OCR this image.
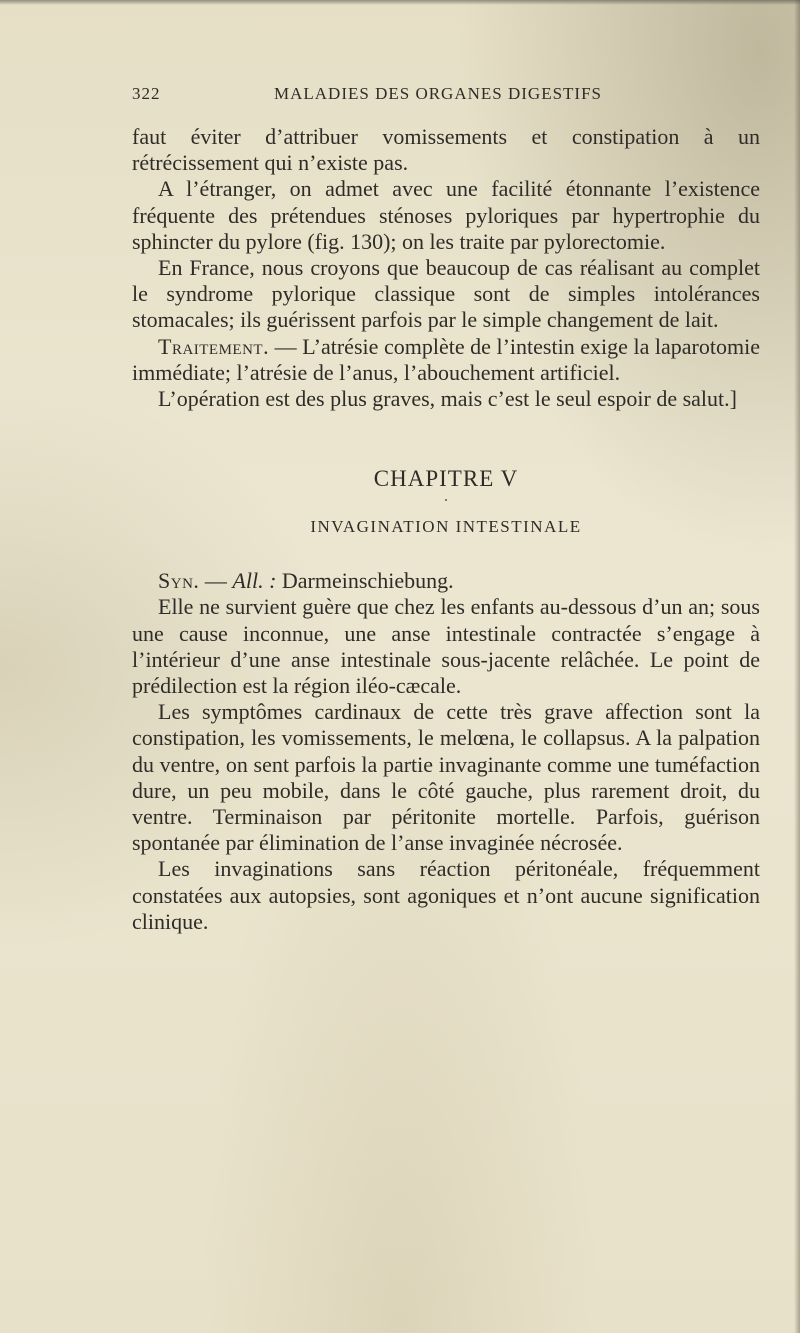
322	MALADIES DES ORGANES DIGESTIFS

faut éviter d’attribuer vomissements et constipation à un rétrécissement qui n’existe pas.

A l’étranger, on admet avec une facilité étonnante l’existence fréquente des prétendues sténoses pyloriques par hypertrophie du sphincter du pylore (fig. 130); on les traite par pylorectomie.

En France, nous croyons que beaucoup de cas réalisant au complet le syndrome pylorique classique sont de simples intolérances stomacales; ils guérissent parfois par le simple changement de lait.

Traitement. — L’atrésie complète de l’intestin exige la laparotomie immédiate; l’atrésie de l’anus, l’abouchement artificiel.

L’opération est des plus graves, mais c’est le seul espoir de salut.]

CHAPITRE V
•
INVAGINATION INTESTINALE

Syn. — All. : Darmeinschiebung.

Elle ne survient guère que chez les enfants au-dessous d’un an; sous une cause inconnue, une anse intestinale contractée s’engage à l’intérieur d’une anse intestinale sous-jacente relâchée. Le point de prédilection est la région iléo-cæcale.

Les symptômes cardinaux de cette très grave affection sont la constipation, les vomissements, le melœna, le collapsus. A la palpation du ventre, on sent parfois la partie invaginante comme une tuméfaction dure, un peu mobile, dans le côté gauche, plus rarement droit, du ventre. Terminaison par péritonite mortelle. Parfois, guérison spontanée par élimination de l’anse invaginée nécrosée.

Les invaginations sans réaction péritonéale, fréquemment constatées aux autopsies, sont agoniques et n’ont aucune signification clinique.
